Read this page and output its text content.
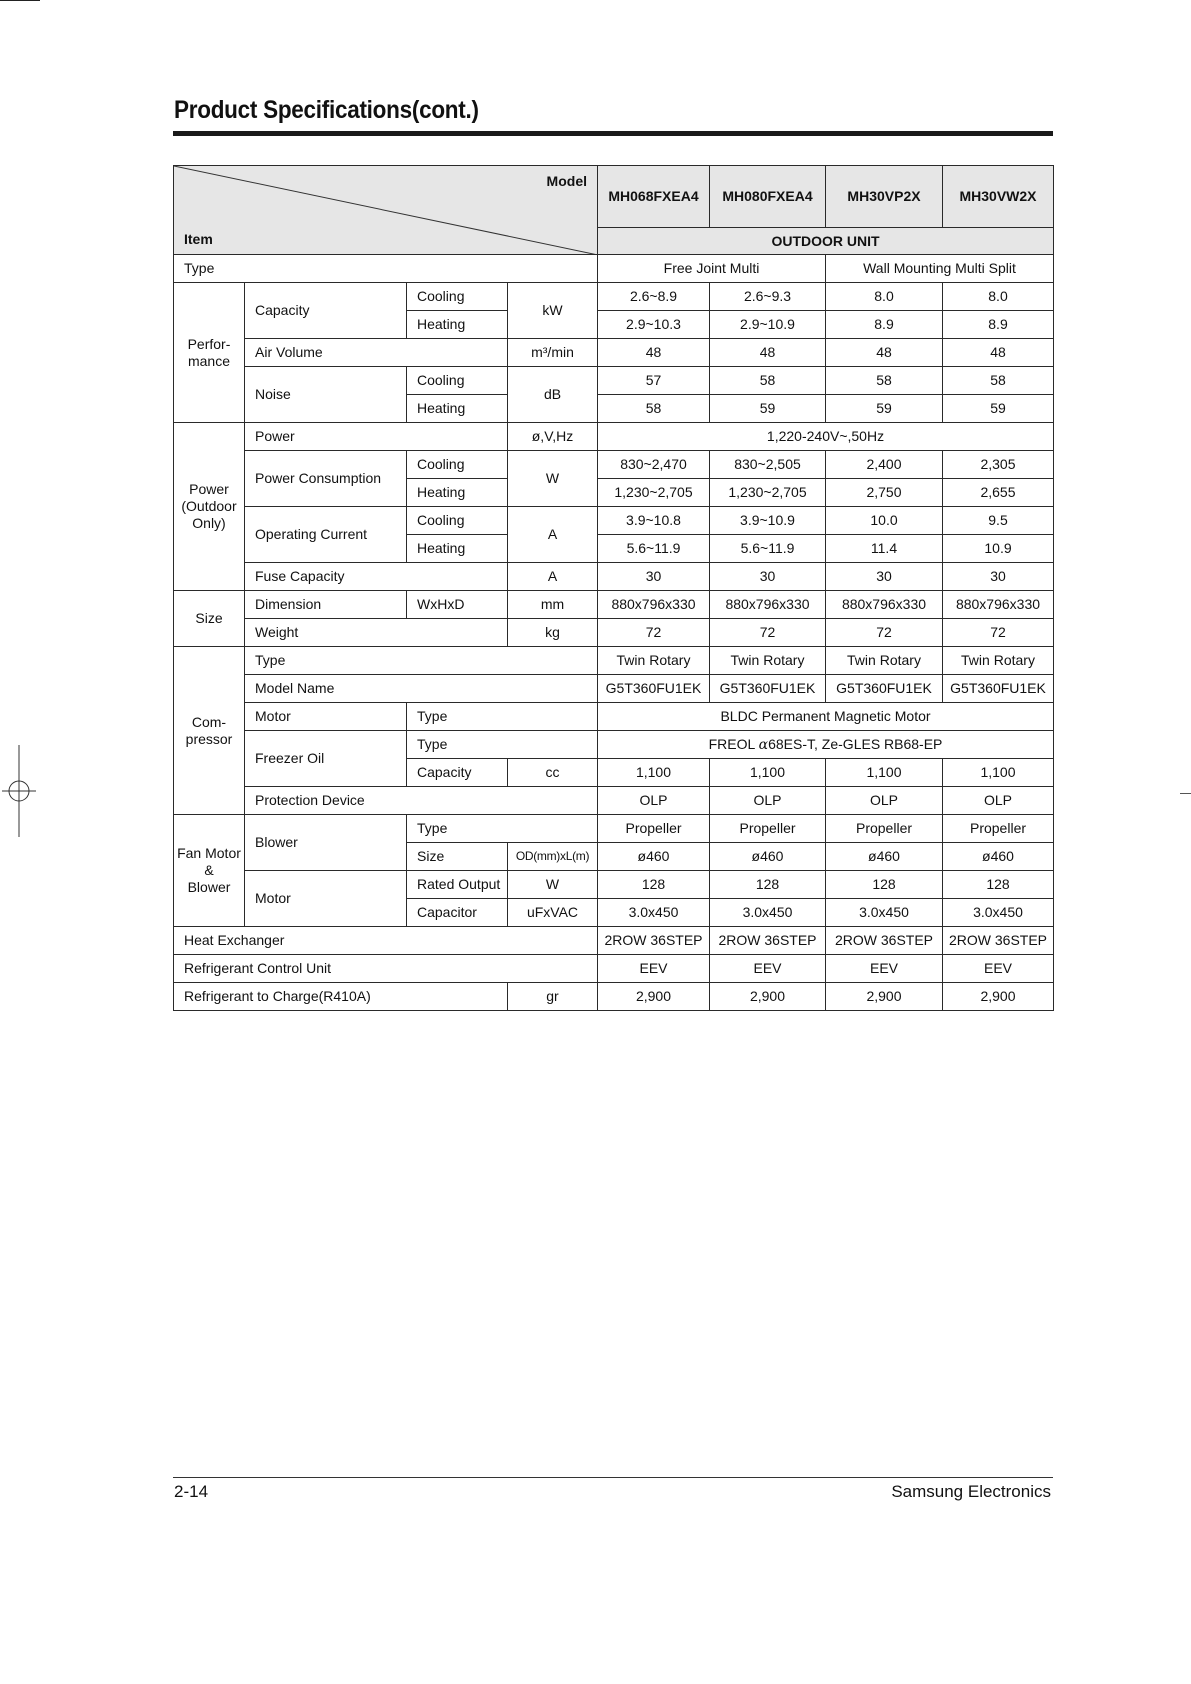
Product Specifications(cont.)
Model
Item				MH068FXEA4	MH080FXEA4	MH30VP2X	MH30VW2X
				OUTDOOR UNIT			
Type				Free Joint Multi		Wall Mounting Multi Split	
Perfor-
mance	Capacity	Cooling	kW	2.6~8.9	2.6~9.3	8.0	8.0
		Heating		2.9~10.3	2.9~10.9	8.9	8.9
	Air Volume		m³/min	48	48	48	48
	Noise	Cooling	dB	57	58	58	58
		Heating		58	59	59	59
Power
(Outdoor
Only)	Power		ø,V,Hz	1,220-240V~,50Hz			
	Power Consumption	Cooling	W	830~2,470	830~2,505	2,400	2,305
		Heating		1,230~2,705	1,230~2,705	2,750	2,655
	Operating Current	Cooling	A	3.9~10.8	3.9~10.9	10.0	9.5
		Heating		5.6~11.9	5.6~11.9	11.4	10.9
	Fuse Capacity		A	30	30	30	30
Size	Dimension	WxHxD	mm	880x796x330	880x796x330	880x796x330	880x796x330
	Weight		kg	72	72	72	72
Com-
pressor	Type			Twin Rotary	Twin Rotary	Twin Rotary	Twin Rotary
	Model Name			G5T360FU1EK	G5T360FU1EK	G5T360FU1EK	G5T360FU1EK
	Motor	Type		BLDC Permanent Magnetic Motor			
	Freezer Oil	Type		FREOL α68ES-T, Ze-GLES RB68-EP			
		Capacity	cc	1,100	1,100	1,100	1,100
	Protection Device			OLP	OLP	OLP	OLP
Fan Motor
&
Blower	Blower	Type		Propeller	Propeller	Propeller	Propeller
		Size	OD(mm)xL(m)	ø460	ø460	ø460	ø460
	Motor	Rated Output	W	128	128	128	128
		Capacitor	uFxVAC	3.0x450	3.0x450	3.0x450	3.0x450
Heat Exchanger				2ROW 36STEP	2ROW 36STEP	2ROW 36STEP	2ROW 36STEP
Refrigerant Control Unit				EEV	EEV	EEV	EEV
Refrigerant to Charge(R410A)			gr	2,900	2,900	2,900	2,900
2-14	Samsung Electronics
